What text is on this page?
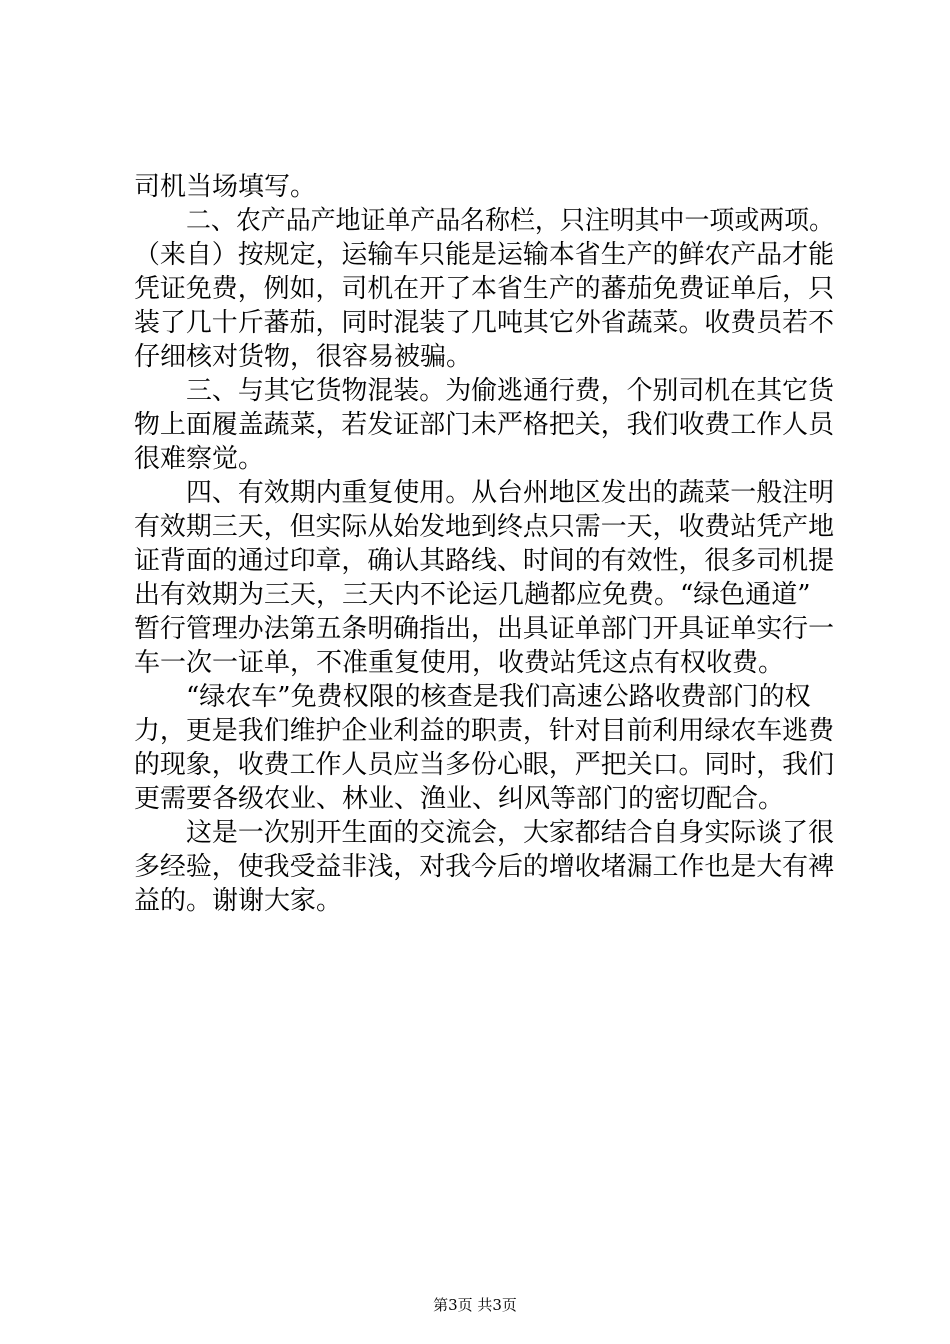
司机当场填写。
二、农产品产地证单产品名称栏，只注明其中一项或两项。
（来自）按规定，运输车只能是运输本省生产的鲜农产品才能
凭证免费，例如，司机在开了本省生产的蕃茄免费证单后，只
装了几十斤蕃茄，同时混装了几吨其它外省蔬菜。收费员若不
仔细核对货物，很容易被骗。
三、与其它货物混装。为偷逃通行费，个别司机在其它货
物上面履盖蔬菜，若发证部门未严格把关，我们收费工作人员
很难察觉。
四、有效期内重复使用。从台州地区发出的蔬菜一般注明
有效期三天，但实际从始发地到终点只需一天，收费站凭产地
证背面的通过印章，确认其路线、时间的有效性，很多司机提
出有效期为三天，三天内不论运几趟都应免费。“绿色通道”
暂行管理办法第五条明确指出，出具证单部门开具证单实行一
车一次一证单，不准重复使用，收费站凭这点有权收费。
“绿农车”免费权限的核查是我们高速公路收费部门的权
力，更是我们维护企业利益的职责，针对目前利用绿农车逃费
的现象，收费工作人员应当多份心眼，严把关口。同时，我们
更需要各级农业、林业、渔业、纠风等部门的密切配合。
这是一次别开生面的交流会，大家都结合自身实际谈了很
多经验，使我受益非浅，对我今后的增收堵漏工作也是大有裨
益的。谢谢大家。
第3页 共3页
